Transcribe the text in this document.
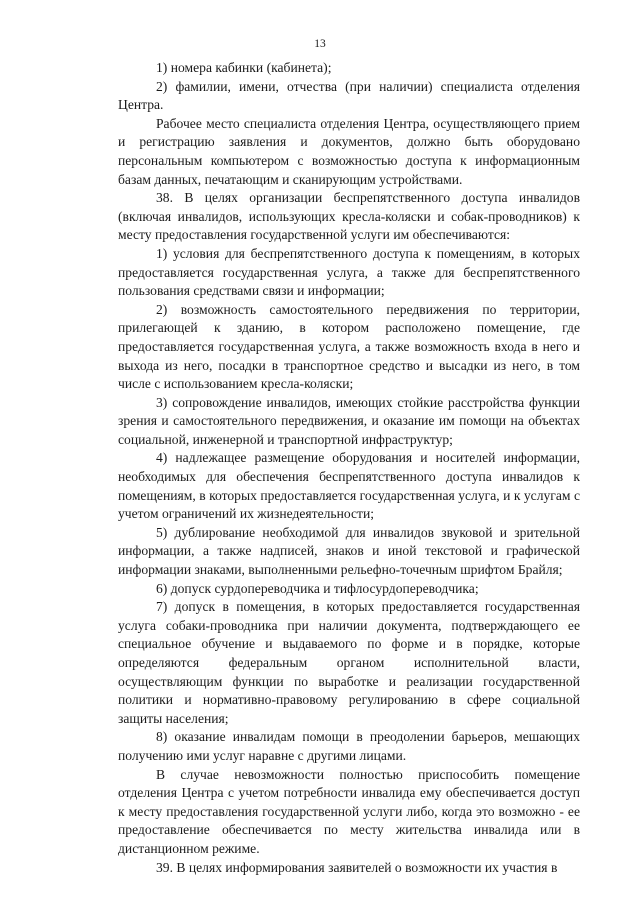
13

1) номера кабинки (кабинета);

2) фамилии, имени, отчества (при наличии) специалиста отделения Центра.

Рабочее место специалиста отделения Центра, осуществляющего прием и регистрацию заявления и документов, должно быть оборудовано персональным компьютером с возможностью доступа к информационным базам данных, печатающим и сканирующим устройствами.

38. В целях организации беспрепятственного доступа инвалидов (включая инвалидов, использующих кресла-коляски и собак-проводников) к месту предоставления государственной услуги им обеспечиваются:

1) условия для беспрепятственного доступа к помещениям, в которых предоставляется государственная услуга, а также для беспрепятственного пользования средствами связи и информации;

2) возможность самостоятельного передвижения по территории, прилегающей к зданию, в котором расположено помещение, где предоставляется государственная услуга, а также возможность входа в него и выхода из него, посадки в транспортное средство и высадки из него, в том числе с использованием кресла-коляски;

3) сопровождение инвалидов, имеющих стойкие расстройства функции зрения и самостоятельного передвижения, и оказание им помощи на объектах социальной, инженерной и транспортной инфраструктур;

4) надлежащее размещение оборудования и носителей информации, необходимых для обеспечения беспрепятственного доступа инвалидов к помещениям, в которых предоставляется государственная услуга, и к услугам с учетом ограничений их жизнедеятельности;

5) дублирование необходимой для инвалидов звуковой и зрительной информации, а также надписей, знаков и иной текстовой и графической информации знаками, выполненными рельефно-точечным шрифтом Брайля;

6) допуск сурдопереводчика и тифлосурдопереводчика;

7) допуск в помещения, в которых предоставляется государственная услуга собаки-проводника при наличии документа, подтверждающего ее специальное обучение и выдаваемого по форме и в порядке, которые определяются федеральным органом исполнительной власти, осуществляющим функции по выработке и реализации государственной политики и нормативно-правовому регулированию в сфере социальной защиты населения;

8) оказание инвалидам помощи в преодолении барьеров, мешающих получению ими услуг наравне с другими лицами.

В случае невозможности полностью приспособить помещение отделения Центра с учетом потребности инвалида ему обеспечивается доступ к месту предоставления государственной услуги либо, когда это возможно - ее предоставление обеспечивается по месту жительства инвалида или в дистанционном режиме.

39. В целях информирования заявителей о возможности их участия в
